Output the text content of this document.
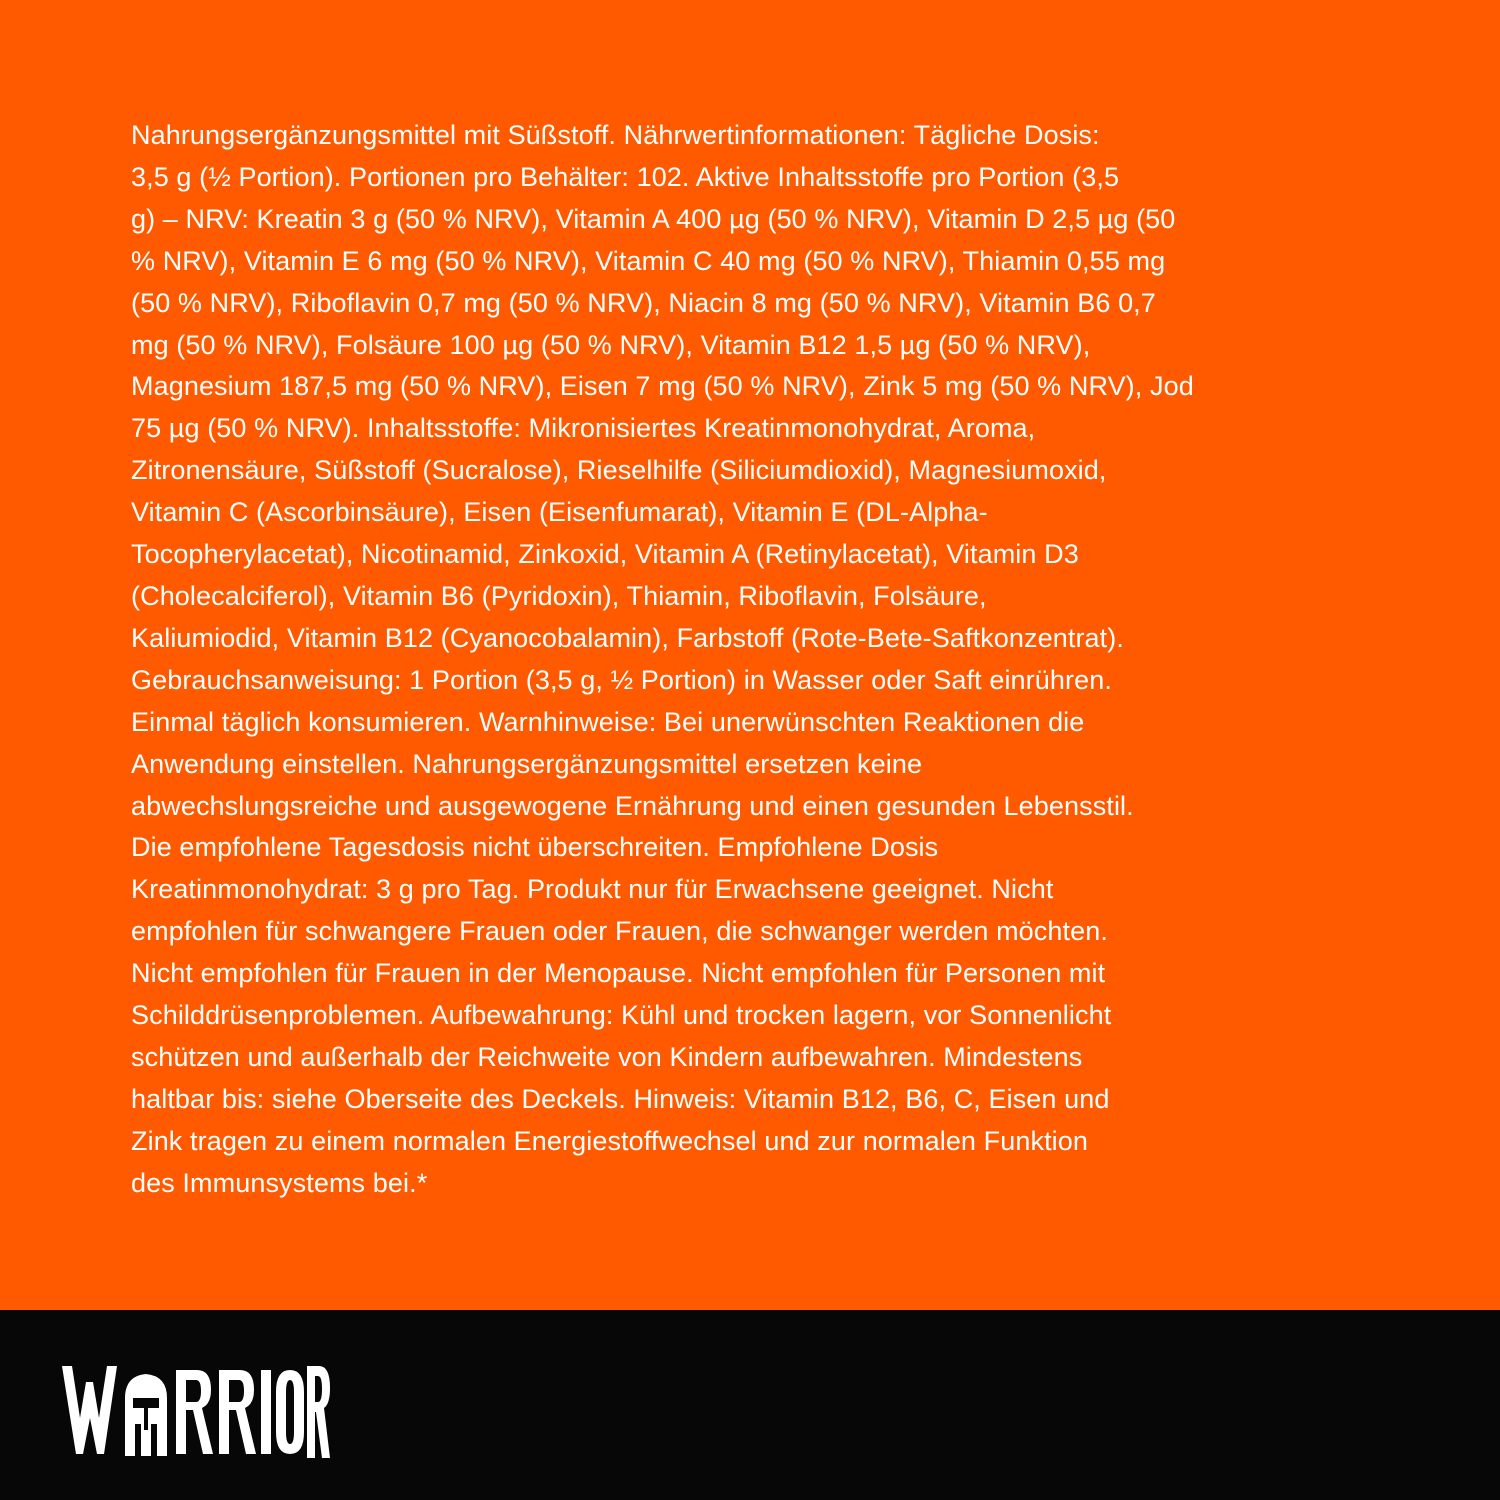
Nahrungsergänzungsmittel mit Süßstoff. Nährwertinformationen: Tägliche Dosis:
3,5 g (½ Portion). Portionen pro Behälter: 102. Aktive Inhaltsstoffe pro Portion (3,5
g) – NRV: Kreatin 3 g (50 % NRV), Vitamin A 400 µg (50 % NRV), Vitamin D 2,5 µg (50
% NRV), Vitamin E 6 mg (50 % NRV), Vitamin C 40 mg (50 % NRV), Thiamin 0,55 mg
(50 % NRV), Riboflavin 0,7 mg (50 % NRV), Niacin 8 mg (50 % NRV), Vitamin B6 0,7
mg (50 % NRV), Folsäure 100 µg (50 % NRV), Vitamin B12 1,5 µg (50 % NRV),
Magnesium 187,5 mg (50 % NRV), Eisen 7 mg (50 % NRV), Zink 5 mg (50 % NRV), Jod
75 µg (50 % NRV). Inhaltsstoffe: Mikronisiertes Kreatinmonohydrat, Aroma,
Zitronensäure, Süßstoff (Sucralose), Rieselhilfe (Siliciumdioxid), Magnesiumoxid,
Vitamin C (Ascorbinsäure), Eisen (Eisenfumarat), Vitamin E (DL-Alpha-
Tocopherylacetat), Nicotinamid, Zinkoxid, Vitamin A (Retinylacetat), Vitamin D3
(Cholecalciferol), Vitamin B6 (Pyridoxin), Thiamin, Riboflavin, Folsäure,
Kaliumiodid, Vitamin B12 (Cyanocobalamin), Farbstoff (Rote-Bete-Saftkonzentrat).
Gebrauchsanweisung: 1 Portion (3,5 g, ½ Portion) in Wasser oder Saft einrühren.
Einmal täglich konsumieren. Warnhinweise: Bei unerwünschten Reaktionen die
Anwendung einstellen. Nahrungsergänzungsmittel ersetzen keine
abwechslungsreiche und ausgewogene Ernährung und einen gesunden Lebensstil.
Die empfohlene Tagesdosis nicht überschreiten. Empfohlene Dosis
Kreatinmonohydrat: 3 g pro Tag. Produkt nur für Erwachsene geeignet. Nicht
empfohlen für schwangere Frauen oder Frauen, die schwanger werden möchten.
Nicht empfohlen für Frauen in der Menopause. Nicht empfohlen für Personen mit
Schilddrüsenproblemen. Aufbewahrung: Kühl und trocken lagern, vor Sonnenlicht
schützen und außerhalb der Reichweite von Kindern aufbewahren. Mindestens
haltbar bis: siehe Oberseite des Deckels. Hinweis: Vitamin B12, B6, C, Eisen und
Zink tragen zu einem normalen Energiestoffwechsel und zur normalen Funktion
des Immunsystems bei.*
